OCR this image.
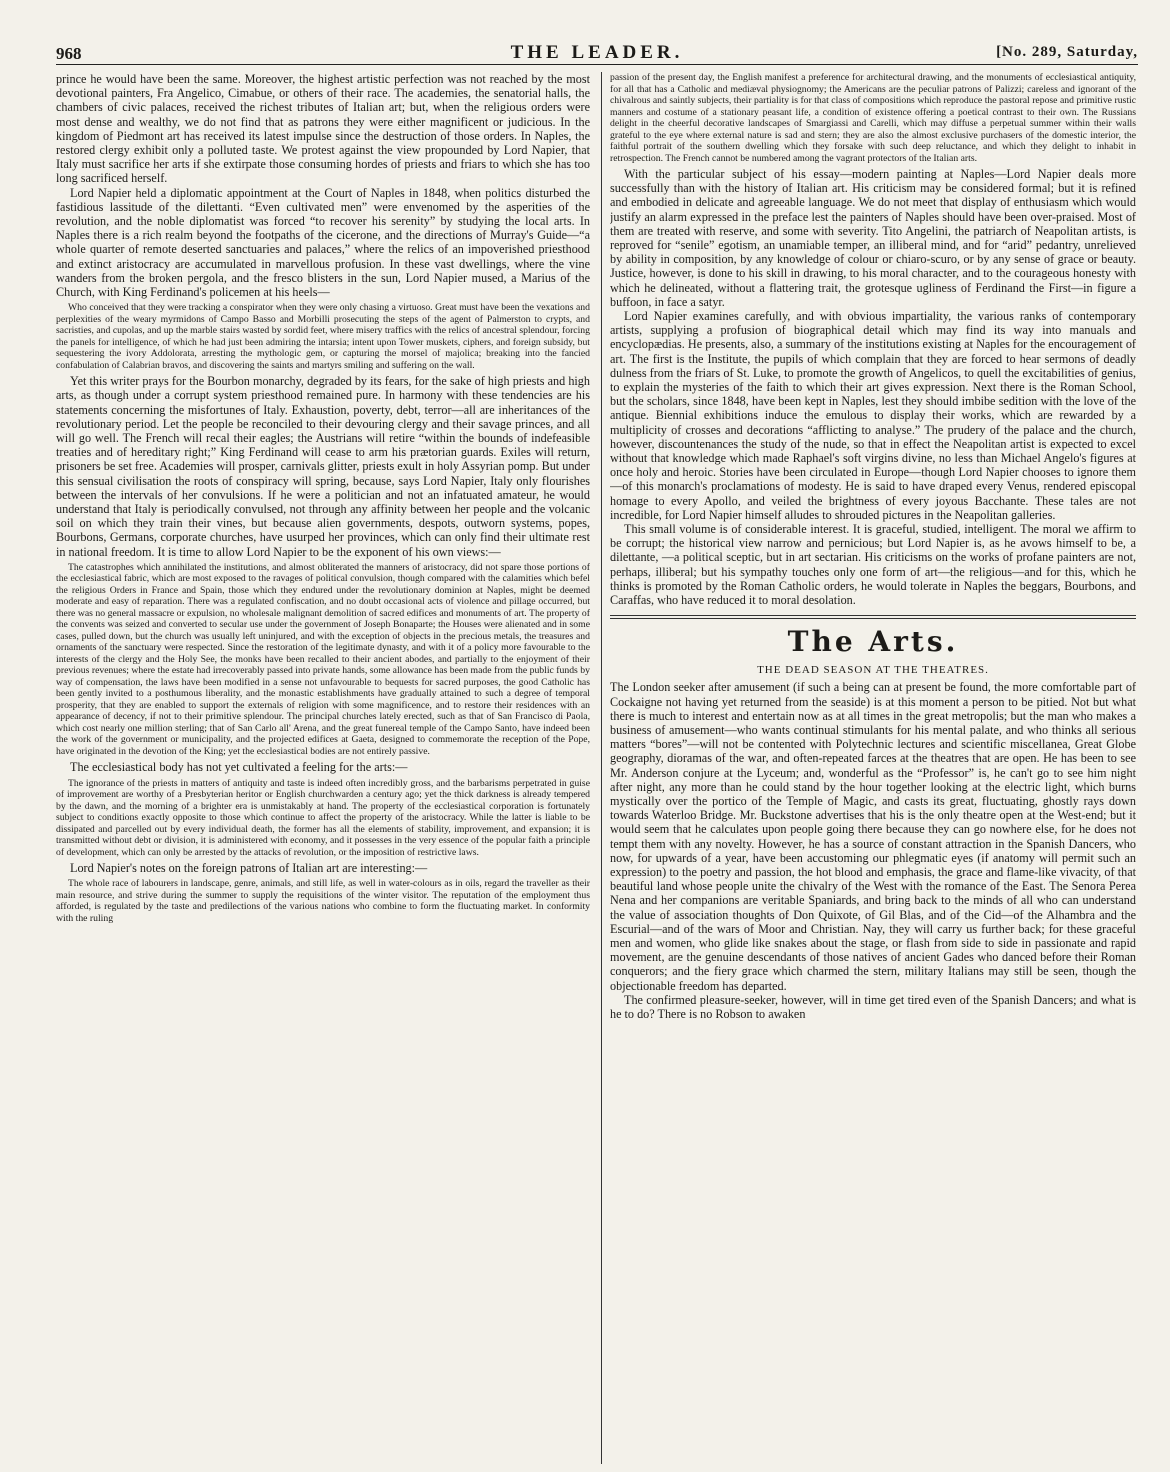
968	THE LEADER.	[No. 289, Saturday,

prince he would have been the same. Moreover, the highest artistic perfection was not reached by the most devotional painters, Fra Angelico, Cimabue, or others of their race. The academies, the senatorial halls, the chambers of civic palaces, received the richest tributes of Italian art; but, when the religious orders were most dense and wealthy, we do not find that as patrons they were either magnificent or judicious. In the kingdom of Piedmont art has received its latest impulse since the destruction of those orders. In Naples, the restored clergy exhibit only a polluted taste. We protest against the view propounded by Lord Napier, that Italy must sacrifice her arts if she extirpate those consuming hordes of priests and friars to which she has too long sacrificed herself.

Lord Napier held a diplomatic appointment at the Court of Naples in 1848, when politics disturbed the fastidious lassitude of the dilettanti. “Even cultivated men” were envenomed by the asperities of the revolution, and the noble diplomatist was forced “to recover his serenity” by studying the local arts. In Naples there is a rich realm beyond the footpaths of the cicerone, and the directions of Murray's Guide—“a whole quarter of remote deserted sanctuaries and palaces,” where the relics of an impoverished priesthood and extinct aristocracy are accumulated in marvellous profusion. In these vast dwellings, where the vine wanders from the broken pergola, and the fresco blisters in the sun, Lord Napier mused, a Marius of the Church, with King Ferdinand's policemen at his heels—

Who conceived that they were tracking a conspirator when they were only chasing a virtuoso. Great must have been the vexations and perplexities of the weary myrmidons of Campo Basso and Morbilli prosecuting the steps of the agent of Palmerston to crypts, and sacristies, and cupolas, and up the marble stairs wasted by sordid feet, where misery traffics with the relics of ancestral splendour, forcing the panels for intelligence, of which he had just been admiring the intarsia; intent upon Tower muskets, ciphers, and foreign subsidy, but sequestering the ivory Addolorata, arresting the mythologic gem, or capturing the morsel of majolica; breaking into the fancied confabulation of Calabrian bravos, and discovering the saints and martyrs smiling and suffering on the wall.

Yet this writer prays for the Bourbon monarchy, degraded by its fears, for the sake of high priests and high arts, as though under a corrupt system priesthood remained pure. In harmony with these tendencies are his statements concerning the misfortunes of Italy. Exhaustion, poverty, debt, terror—all are inheritances of the revolutionary period. Let the people be reconciled to their devouring clergy and their savage princes, and all will go well. The French will recal their eagles; the Austrians will retire “within the bounds of indefeasible treaties and of hereditary right;” King Ferdinand will cease to arm his prætorian guards. Exiles will return, prisoners be set free. Academies will prosper, carnivals glitter, priests exult in holy Assyrian pomp. But under this sensual civilisation the roots of conspiracy will spring, because, says Lord Napier, Italy only flourishes between the intervals of her convulsions. If he were a politician and not an infatuated amateur, he would understand that Italy is periodically convulsed, not through any affinity between her people and the volcanic soil on which they train their vines, but because alien governments, despots, outworn systems, popes, Bourbons, Germans, corporate churches, have usurped her provinces, which can only find their ultimate rest in national freedom. It is time to allow Lord Napier to be the exponent of his own views:—

The catastrophes which annihilated the institutions, and almost obliterated the manners of aristocracy, did not spare those portions of the ecclesiastical fabric, which are most exposed to the ravages of political convulsion, though compared with the calamities which befel the religious Orders in France and Spain, those which they endured under the revolutionary dominion at Naples, might be deemed moderate and easy of reparation. There was a regulated confiscation, and no doubt occasional acts of violence and pillage occurred, but there was no general massacre or expulsion, no wholesale malignant demolition of sacred edifices and monuments of art. The property of the convents was seized and converted to secular use under the government of Joseph Bonaparte; the Houses were alienated and in some cases, pulled down, but the church was usually left uninjured, and with the exception of objects in the precious metals, the treasures and ornaments of the sanctuary were respected. Since the restoration of the legitimate dynasty, and with it of a policy more favourable to the interests of the clergy and the Holy See, the monks have been recalled to their ancient abodes, and partially to the enjoyment of their previous revenues; where the estate had irrecoverably passed into private hands, some allowance has been made from the public funds by way of compensation, the laws have been modified in a sense not unfavourable to bequests for sacred purposes, the good Catholic has been gently invited to a posthumous liberality, and the monastic establishments have gradually attained to such a degree of temporal prosperity, that they are enabled to support the externals of religion with some magnificence, and to restore their residences with an appearance of decency, if not to their primitive splendour. The principal churches lately erected, such as that of San Francisco di Paola, which cost nearly one million sterling; that of San Carlo all' Arena, and the great funereal temple of the Campo Santo, have indeed been the work of the government or municipality, and the projected edifices at Gaeta, designed to commemorate the reception of the Pope, have originated in the devotion of the King; yet the ecclesiastical bodies are not entirely passive.

The ecclesiastical body has not yet cultivated a feeling for the arts:—

The ignorance of the priests in matters of antiquity and taste is indeed often incredibly gross, and the barbarisms perpetrated in guise of improvement are worthy of a Presbyterian heritor or English churchwarden a century ago; yet the thick darkness is already tempered by the dawn, and the morning of a brighter era is unmistakably at hand. The property of the ecclesiastical corporation is fortunately subject to conditions exactly opposite to those which continue to affect the property of the aristocracy. While the latter is liable to be dissipated and parcelled out by every individual death, the former has all the elements of stability, improvement, and expansion; it is transmitted without debt or division, it is administered with economy, and it possesses in the very essence of the popular faith a principle of development, which can only be arrested by the attacks of revolution, or the imposition of restrictive laws.

Lord Napier's notes on the foreign patrons of Italian art are interesting:—

The whole race of labourers in landscape, genre, animals, and still life, as well in water-colours as in oils, regard the traveller as their main resource, and strive during the summer to supply the requisitions of the winter visitor. The reputation of the employment thus afforded, is regulated by the taste and predilections of the various nations who combine to form the fluctuating market. In conformity with the ruling

passion of the present day, the English manifest a preference for architectural drawing, and the monuments of ecclesiastical antiquity, for all that has a Catholic and mediæval physiognomy; the Americans are the peculiar patrons of Palizzi; careless and ignorant of the chivalrous and saintly subjects, their partiality is for that class of compositions which reproduce the pastoral repose and primitive rustic manners and costume of a stationary peasant life, a condition of existence offering a poetical contrast to their own. The Russians delight in the cheerful decorative landscapes of Smargiassi and Carelli, which may diffuse a perpetual summer within their walls grateful to the eye where external nature is sad and stern; they are also the almost exclusive purchasers of the domestic interior, the faithful portrait of the southern dwelling which they forsake with such deep reluctance, and which they delight to inhabit in retrospection. The French cannot be numbered among the vagrant protectors of the Italian arts.

With the particular subject of his essay—modern painting at Naples—Lord Napier deals more successfully than with the history of Italian art. His criticism may be considered formal; but it is refined and embodied in delicate and agreeable language. We do not meet that display of enthusiasm which would justify an alarm expressed in the preface lest the painters of Naples should have been over-praised. Most of them are treated with reserve, and some with severity. Tito Angelini, the patriarch of Neapolitan artists, is reproved for “senile” egotism, an unamiable temper, an illiberal mind, and for “arid” pedantry, unrelieved by ability in composition, by any knowledge of colour or chiaro-scuro, or by any sense of grace or beauty. Justice, however, is done to his skill in drawing, to his moral character, and to the courageous honesty with which he delineated, without a flattering trait, the grotesque ugliness of Ferdinand the First—in figure a buffoon, in face a satyr.

Lord Napier examines carefully, and with obvious impartiality, the various ranks of contemporary artists, supplying a profusion of biographical detail which may find its way into manuals and encyclopædias. He presents, also, a summary of the institutions existing at Naples for the encouragement of art. The first is the Institute, the pupils of which complain that they are forced to hear sermons of deadly dulness from the friars of St. Luke, to promote the growth of Angelicos, to quell the excitabilities of genius, to explain the mysteries of the faith to which their art gives expression. Next there is the Roman School, but the scholars, since 1848, have been kept in Naples, lest they should imbibe sedition with the love of the antique. Biennial exhibitions induce the emulous to display their works, which are rewarded by a multiplicity of crosses and decorations “afflicting to analyse.” The prudery of the palace and the church, however, discountenances the study of the nude, so that in effect the Neapolitan artist is expected to excel without that knowledge which made Raphael's soft virgins divine, no less than Michael Angelo's figures at once holy and heroic. Stories have been circulated in Europe—though Lord Napier chooses to ignore them—of this monarch's proclamations of modesty. He is said to have draped every Venus, rendered episcopal homage to every Apollo, and veiled the brightness of every joyous Bacchante. These tales are not incredible, for Lord Napier himself alludes to shrouded pictures in the Neapolitan galleries.

This small volume is of considerable interest. It is graceful, studied, intelligent. The moral we affirm to be corrupt; the historical view narrow and pernicious; but Lord Napier is, as he avows himself to be, a dilettante, —a political sceptic, but in art sectarian. His criticisms on the works of profane painters are not, perhaps, illiberal; but his sympathy touches only one form of art—the religious—and for this, which he thinks is promoted by the Roman Catholic orders, he would tolerate in Naples the beggars, Bourbons, and Caraffas, who have reduced it to moral desolation.

The Arts.
THE DEAD SEASON AT THE THEATRES.

The London seeker after amusement (if such a being can at present be found, the more comfortable part of Cockaigne not having yet returned from the seaside) is at this moment a person to be pitied. Not but what there is much to interest and entertain now as at all times in the great metropolis; but the man who makes a business of amusement—who wants continual stimulants for his mental palate, and who thinks all serious matters “bores”—will not be contented with Polytechnic lectures and scientific miscellanea, Great Globe geography, dioramas of the war, and often-repeated farces at the theatres that are open. He has been to see Mr. Anderson conjure at the Lyceum; and, wonderful as the “Professor” is, he can't go to see him night after night, any more than he could stand by the hour together looking at the electric light, which burns mystically over the portico of the Temple of Magic, and casts its great, fluctuating, ghostly rays down towards Waterloo Bridge. Mr. Buckstone advertises that his is the only theatre open at the West-end; but it would seem that he calculates upon people going there because they can go nowhere else, for he does not tempt them with any novelty. However, he has a source of constant attraction in the Spanish Dancers, who now, for upwards of a year, have been accustoming our phlegmatic eyes (if anatomy will permit such an expression) to the poetry and passion, the hot blood and emphasis, the grace and flame-like vivacity, of that beautiful land whose people unite the chivalry of the West with the romance of the East. The Senora Perea Nena and her companions are veritable Spaniards, and bring back to the minds of all who can understand the value of association thoughts of Don Quixote, of Gil Blas, and of the Cid—of the Alhambra and the Escurial—and of the wars of Moor and Christian. Nay, they will carry us further back; for these graceful men and women, who glide like snakes about the stage, or flash from side to side in passionate and rapid movement, are the genuine descendants of those natives of ancient Gades who danced before their Roman conquerors; and the fiery grace which charmed the stern, military Italians may still be seen, though the objectionable freedom has departed.

The confirmed pleasure-seeker, however, will in time get tired even of the Spanish Dancers; and what is he to do? There is no Robson to awaken
